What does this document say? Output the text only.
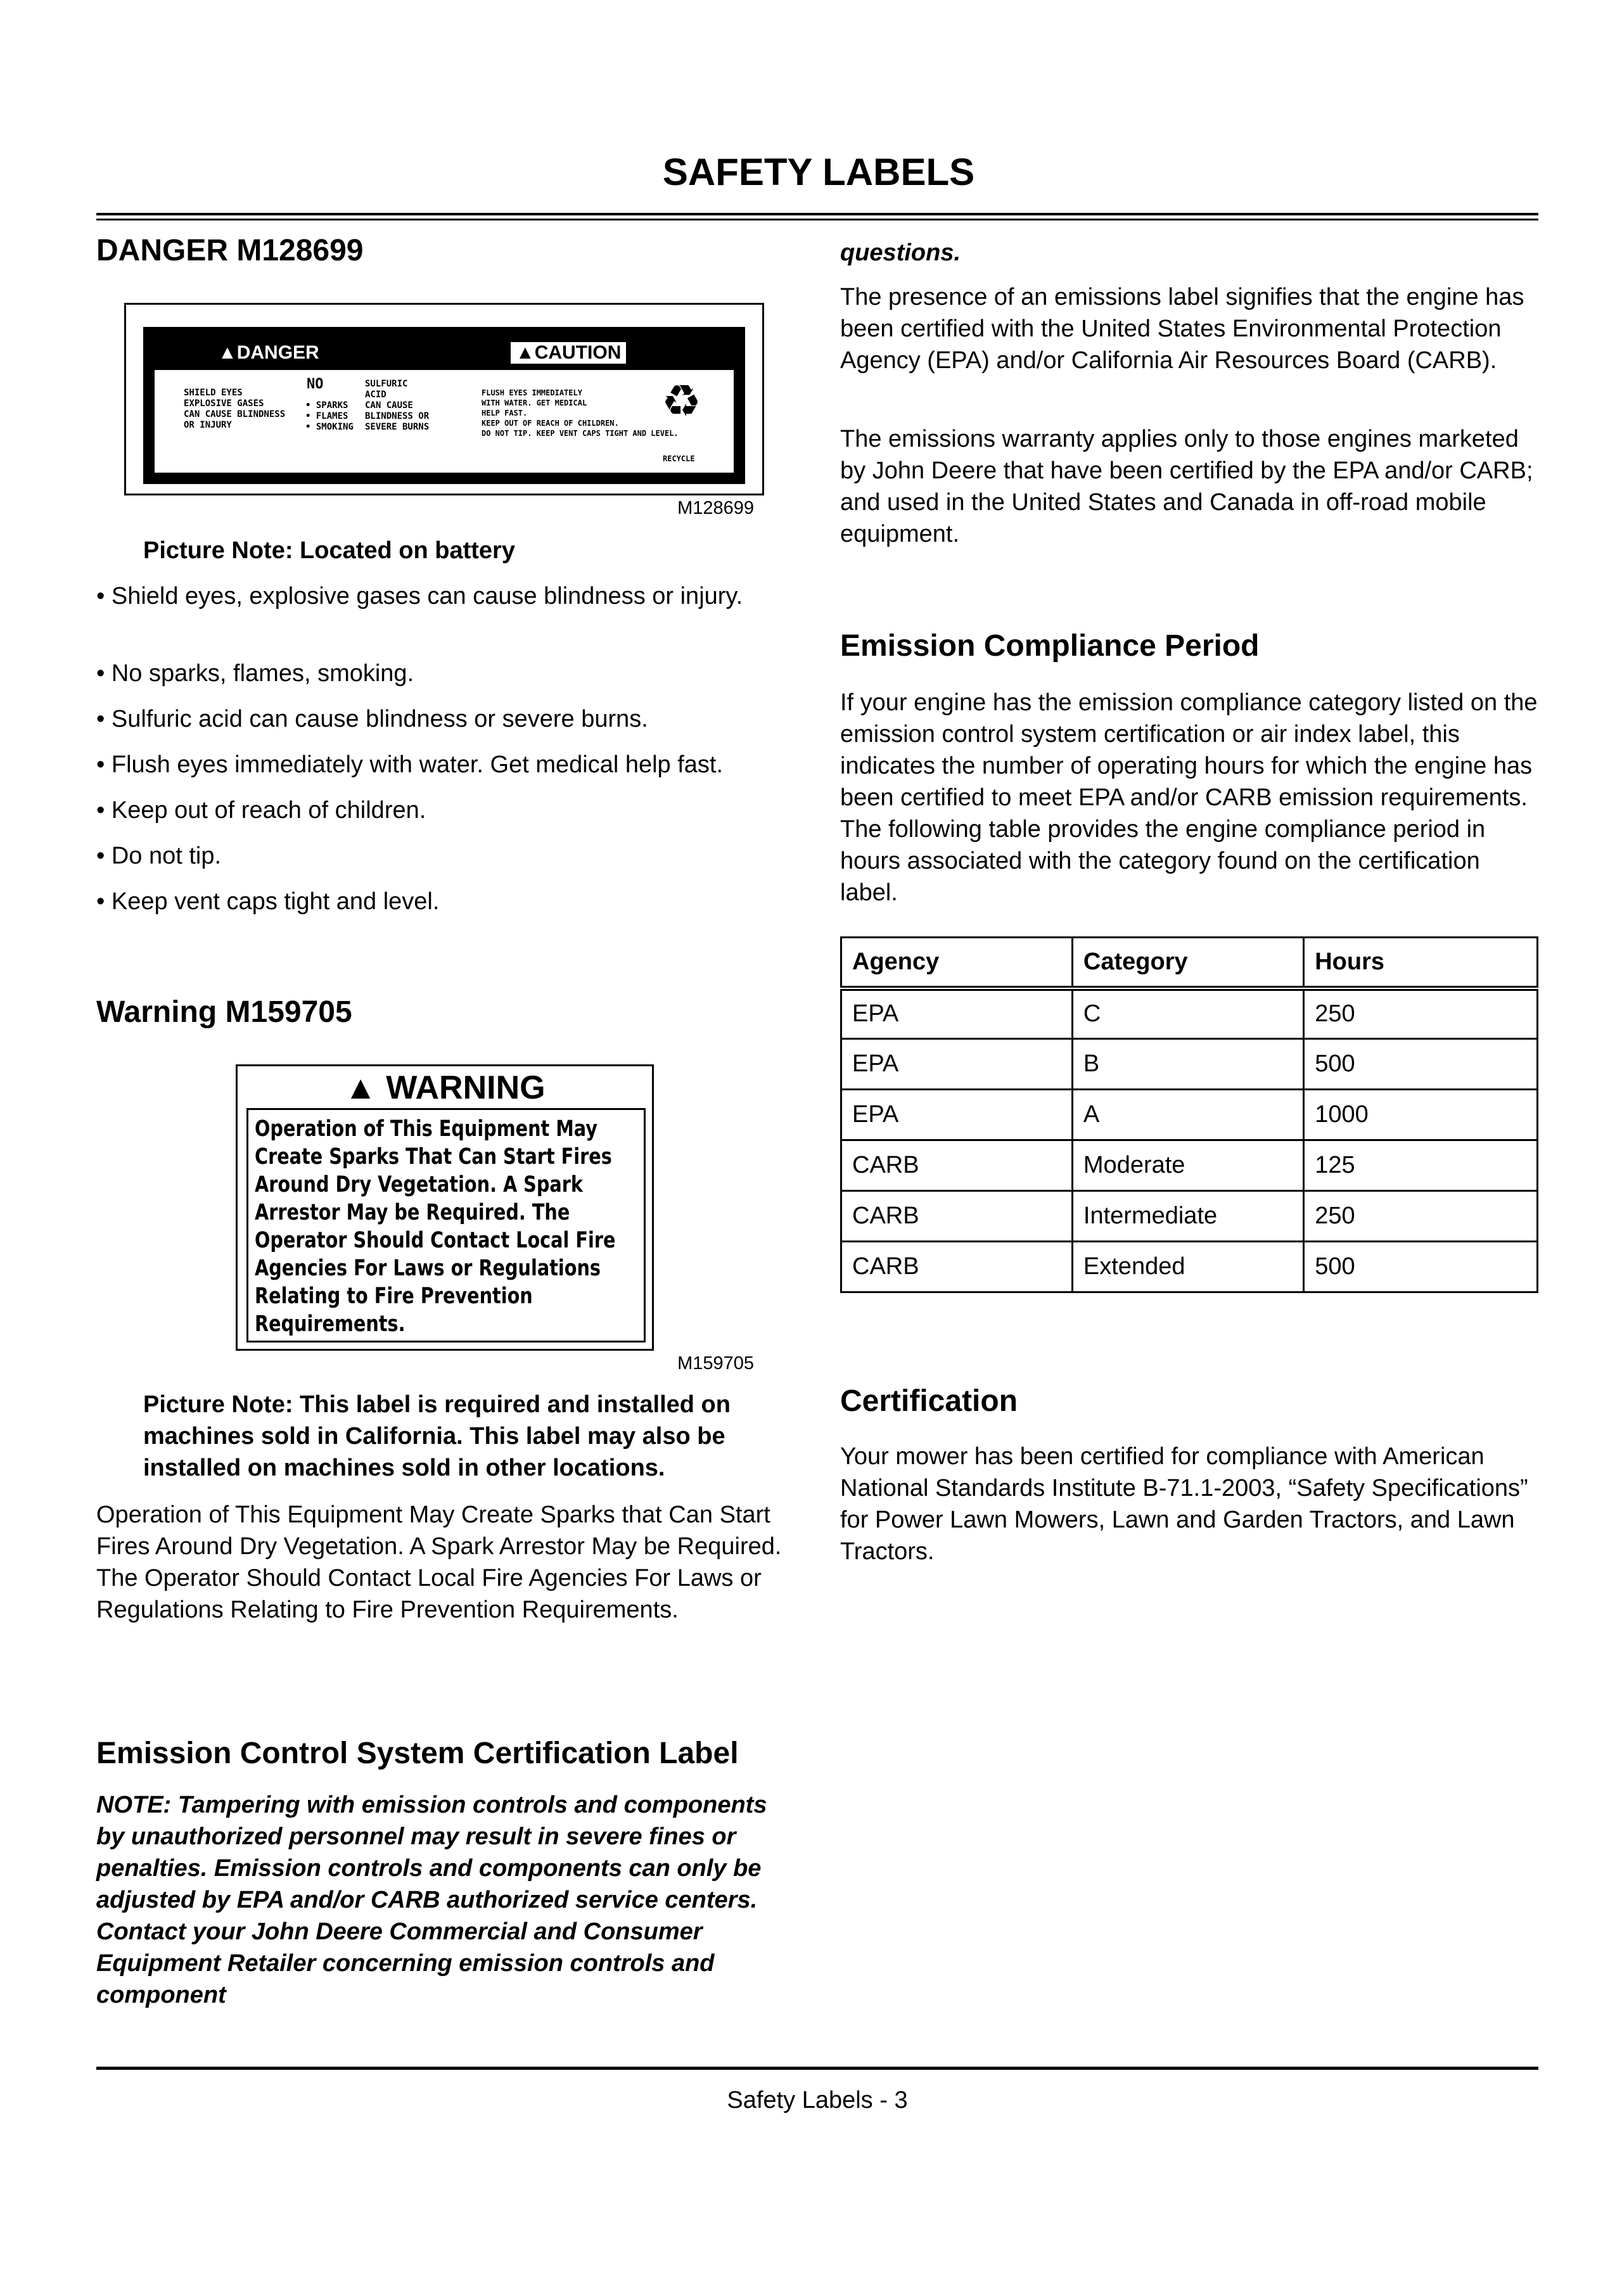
SAFETY LABELS
DANGER M128699
▲DANGER	▲CAUTION
SHIELD EYES
EXPLOSIVE GASES
CAN CAUSE BLINDNESS
OR INJURY
NO
• SPARKS
• FLAMES
• SMOKING
SULFURIC
ACID
CAN CAUSE
BLINDNESS OR
SEVERE BURNS
FLUSH EYES IMMEDIATELY
WITH WATER. GET MEDICAL
HELP FAST.
KEEP OUT OF REACH OF CHILDREN.
DO NOT TIP. KEEP VENT CAPS TIGHT AND LEVEL.
♻
RECYCLE
M128699

Picture Note: Located on battery

• Shield eyes, explosive gases can cause blindness or injury.

• No sparks, flames, smoking.

• Sulfuric acid can cause blindness or severe burns.

• Flush eyes immediately with water. Get medical help fast.

• Keep out of reach of children.

• Do not tip.

• Keep vent caps tight and level.

Warning M159705
▲ WARNING
Operation of This Equipment May
Create Sparks That Can Start Fires
Around Dry Vegetation. A Spark
Arrestor May be Required. The
Operator Should Contact Local Fire
Agencies For Laws or Regulations
Relating to Fire Prevention
Requirements.
M159705

Picture Note: This label is required and installed on machines sold in California. This label may also be installed on machines sold in other locations.

Operation of This Equipment May Create Sparks that Can Start Fires Around Dry Vegetation. A Spark Arrestor May be Required. The Operator Should Contact Local Fire Agencies For Laws or Regulations Relating to Fire Prevention Requirements.

Emission Control System Certification Label

NOTE: Tampering with emission controls and components by unauthorized personnel may result in severe fines or penalties. Emission controls and components can only be adjusted by EPA and/or CARB authorized service centers. Contact your John Deere Commercial and Consumer Equipment Retailer concerning emission controls and component

questions.

The presence of an emissions label signifies that the engine has been certified with the United States Environmental Protection Agency (EPA) and/or California Air Resources Board (CARB).

The emissions warranty applies only to those engines marketed by John Deere that have been certified by the EPA and/or CARB; and used in the United States and Canada in off-road mobile equipment.

Emission Compliance Period

If your engine has the emission compliance category listed on the emission control system certification or air index label, this indicates the number of operating hours for which the engine has been certified to meet EPA and/or CARB emission requirements. The following table provides the engine compliance period in hours associated with the category found on the certification label.

Agency	Category	Hours
EPA	C	250
EPA	B	500
EPA	A	1000
CARB	Moderate	125
CARB	Intermediate	250
CARB	Extended	500
Certification

Your mower has been certified for compliance with American National Standards Institute B-71.1-2003, “Safety Specifications” for Power Lawn Mowers, Lawn and Garden Tractors, and Lawn Tractors.

Safety Labels - 3
